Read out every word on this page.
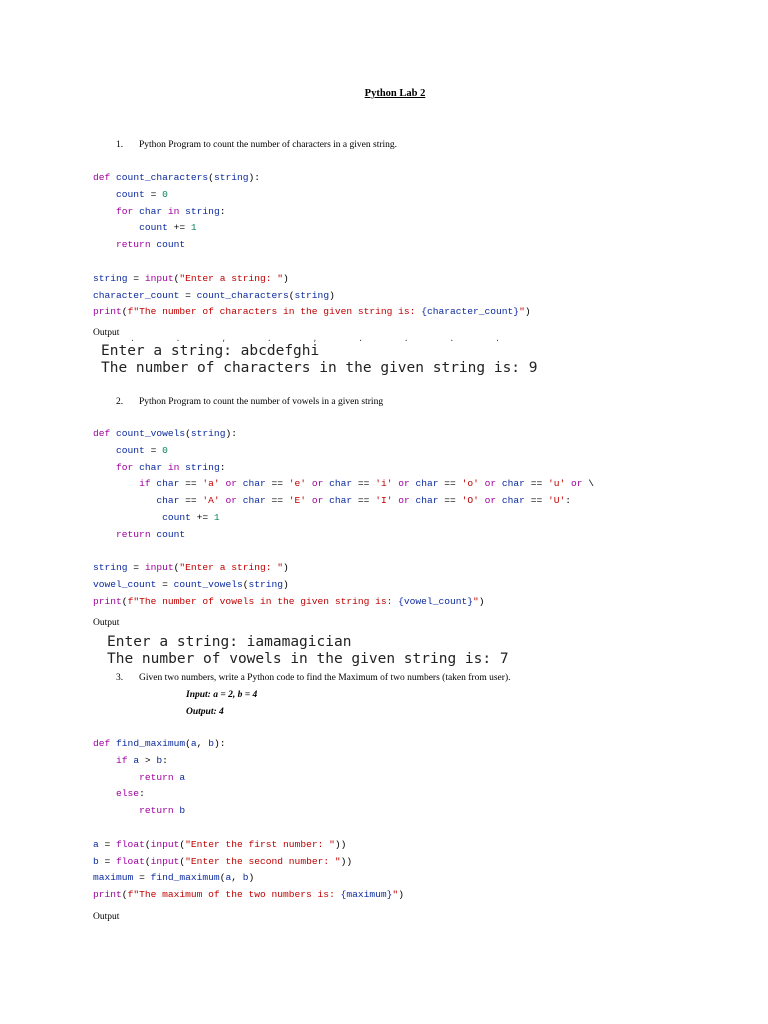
Python Lab 2
1. Python Program to count the number of characters in a given string.
def count_characters(string):
count = 0
for char in string:
count += 1
return count
string = input("Enter a string: ")
character_count = count_characters(string)
print(f"The number of characters in the given string is: {character_count}")
Output
. . , . , . . . .
Enter a string: abcdefghi
The number of characters in the given string is: 9
2. Python Program to count the number of vowels in a given string
def count_vowels(string):
count = 0
for char in string:
if char == 'a' or char == 'e' or char == 'i' or char == 'o' or char == 'u' or \
char == 'A' or char == 'E' or char == 'I' or char == 'O' or char == 'U':
count += 1
return count
string = input("Enter a string: ")
vowel_count = count_vowels(string)
print(f"The number of vowels in the given string is: {vowel_count}")
Output
Enter a string: iamamagician
The number of vowels in the given string is: 7
3. Given two numbers, write a Python code to find the Maximum of two numbers (taken from user).
Input: a = 2, b = 4
Output: 4
def find_maximum(a, b):
if a > b:
return a
else:
return b
a = float(input("Enter the first number: "))
b = float(input("Enter the second number: "))
maximum = find_maximum(a, b)
print(f"The maximum of the two numbers is: {maximum}")
Output
